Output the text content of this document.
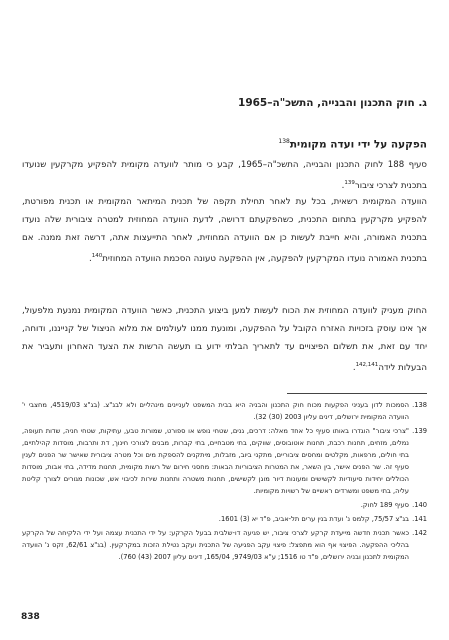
ג. חוק התכנון והבנייה, התשכ"ה–1965
הפקעה על ידי ועדה מקומית$^{138}$
סעיף 188 לחוק התכנון והבנייה, התשכ"ה–1965, קבע כי מותר לוועדה מקומית להפקיע מקרקעין שנועדו בתכנית לצרכי ציבור$^{139}$.
הוועדה המקומית רשאית, בכל עת לאחר תחילת תקפה של תכנית המיתאר המקומית או תכנית מפורטת, להפקיע מקרקעין בתחום התכנית, כשהפקעתם דרושה, לדעת הוועדה המחוזית למטרה ציבורית שלה נועדו בתכנית האמורה, והיא חייבת לעשות כן אם הוועדה המחוזית, לאחר התייעצות אתה, דרשה זאת ממנה. אם בתכנית האמורה נועדו המקרקעין להפקעה, אין ההפקעה טעונה הסכמת הוועדה המחוזית$^{140}$.
החוק מעניק לוועדה המחוזית את הכוח לעשות למען ביצוע התכנית, כאשר הוועדה המקומית נמנעת מלפעול, אך אינו עוסק בזכויות האזרח הקובל על ההפקעה, ומונעת ממנו לעולמים את מלוא הניצול של קנייננו, ודוחה, יחד עם זאת, את תשלום הפיצויים עד לתאריך הבלתי ידוע בו תעשה הרשות את הצעד האחרון ותעביר את הבעלות לידה$^{142,141}$.
138.
הסמכות לדון בעניני הפקעות מכוח חוק התכנון והבניה היא בבית המשפט לעניינים מינהליים ולא לבג"צ. (בג"צ 4519/03, מחצבי י' הוועדה המקומית ירושלים, דינים עליון 2003 (30) 32).
139.
"צרכי ציבור" הוגדרו באותו סעיף כל אחד מאלה: דרכים, גנים, שטחי נופש או ספורט, שמורות טבע, עתיקות, שטחי חניה, שדות תעופה, נמלים, מזחים, תחנות רכבת, תחנות אוטובוסים, שווקים, בתי מטבחיים, בתי קברות, מבנים לצורכי חינוך, דת ותרבות, מוסדות קהילתיים, בתי חולים, מרפאות, מקלטים ומחסים ציבוריים, מתקני ביוב, מזבלות, מיתקנים להספקת מים וכל מטרה ציבורית שאישר שר הפנים לענין סעיף זה. שר הפנים אישר, בין השאר, את המטרות הציבוריות הבאות: מחסני חירום של רשות מקומית, תחנות מדידה, בתי אבות, מוסדות הכוללים יחידות סיעודיות לקשישים ומעונות דיור מוגן לקשישים, תחנות משטרה ותחנות שירות לכיבוי אש, שכונות מגורים לצורך קליטת עליה, בתי משפט ומשרדים ראשיים של רשויות מקומיות.
140.
סעיף 189 לחוק.
141.
בג"צ 75/57, קלמס נ' ועדת בנין ערים תל-אביב, פ"ד יא (3) 1601.
142.
כאשר תכנית חדשה מייעדת קרקע לצרכי ציבור, יש פגיעה דו-שלבית בבעל הקרקע: על ידי התכנית עצמה ועל ידי הלקיחה של הקרקע בהליכי ההפקעה. הפיצוי אף הוא מתפצל: פיצוי עקב הפגיעה של התכנית ועקב נטילת הזכות במקרקעין. (בג"צ 62/61, זקס נ' הוועדה המקומית לתכנון ובניה ירושלים, פ"ד טו 1516; ע"א 9749/03, 165/04, דינים עליון 2007 (43) 760).
838
